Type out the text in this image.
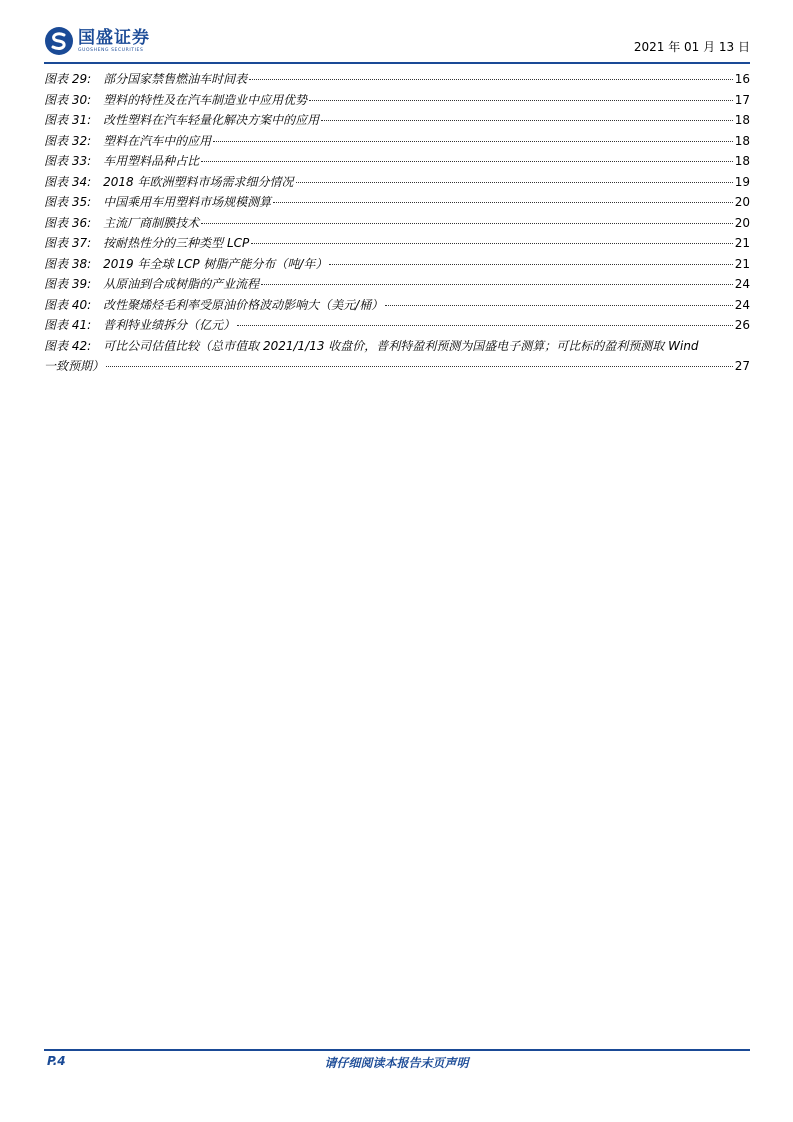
国盛证券
GUOSHENG SECURITIES	2021 年 01 月 13 日
图表 29: 部分国家禁售燃油车时间表	16
图表 30: 塑料的特性及在汽车制造业中应用优势	17
图表 31: 改性塑料在汽车轻量化解决方案中的应用	18
图表 32: 塑料在汽车中的应用	18
图表 33: 车用塑料品种占比	18
图表 34: 2018 年欧洲塑料市场需求细分情况	19
图表 35: 中国乘用车用塑料市场规模测算	20
图表 36: 主流厂商制膜技术	20
图表 37: 按耐热性分的三种类型 LCP	21
图表 38: 2019 年全球 LCP 树脂产能分布（吨/年）	21
图表 39: 从原油到合成树脂的产业流程	24
图表 40: 改性聚烯烃毛利率受原油价格波动影响大（美元/桶）	24
图表 41: 普利特业绩拆分（亿元）	26
图表 42: 可比公司估值比较（总市值取 2021/1/13 收盘价，普利特盈利预测为国盛电子测算；可比标的盈利预测取 Wind
一致预期）	27
P.4	请仔细阅读本报告末页声明
